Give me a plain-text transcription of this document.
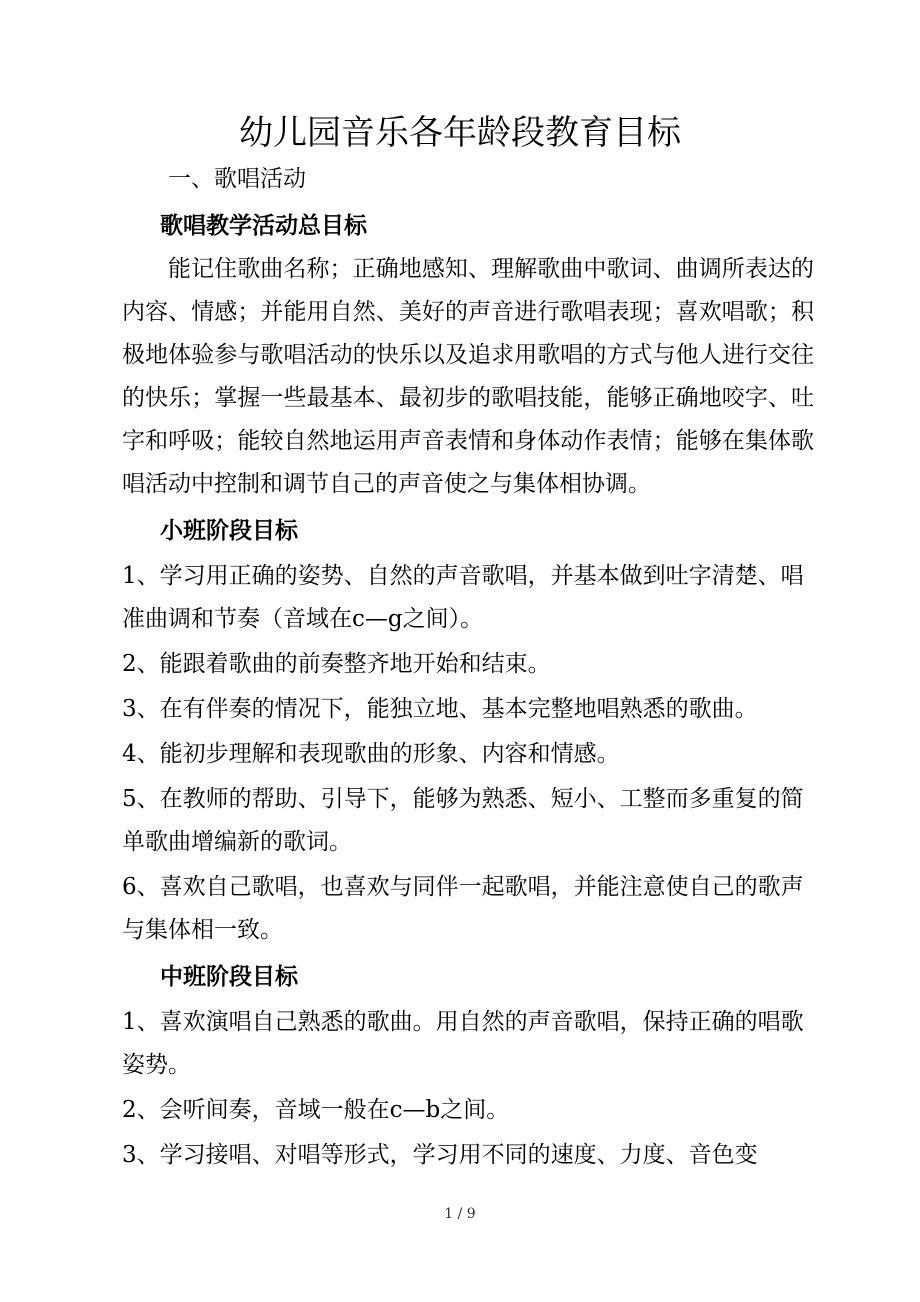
幼儿园音乐各年龄段教育目标

一、歌唱活动

歌唱教学活动总目标

能记住歌曲名称；正确地感知、理解歌曲中歌词、曲调所表达的内容、情感；并能用自然、美好的声音进行歌唱表现；喜欢唱歌；积极地体验参与歌唱活动的快乐以及追求用歌唱的方式与他人进行交往的快乐；掌握一些最基本、最初步的歌唱技能，能够正确地咬字、吐字和呼吸；能较自然地运用声音表情和身体动作表情；能够在集体歌唱活动中控制和调节自己的声音使之与集体相协调。

小班阶段目标

1、学习用正确的姿势、自然的声音歌唱，并基本做到吐字清楚、唱准曲调和节奏（音域在c—g之间）。

2、能跟着歌曲的前奏整齐地开始和结束。

3、在有伴奏的情况下，能独立地、基本完整地唱熟悉的歌曲。

4、能初步理解和表现歌曲的形象、内容和情感。

5、在教师的帮助、引导下，能够为熟悉、短小、工整而多重复的简单歌曲增编新的歌词。

6、喜欢自己歌唱，也喜欢与同伴一起歌唱，并能注意使自己的歌声与集体相一致。

中班阶段目标

1、喜欢演唱自己熟悉的歌曲。用自然的声音歌唱，保持正确的唱歌姿势。

2、会听间奏，音域一般在c—b之间。

3、学习接唱、对唱等形式，学习用不同的速度、力度、音色变

1 / 9
